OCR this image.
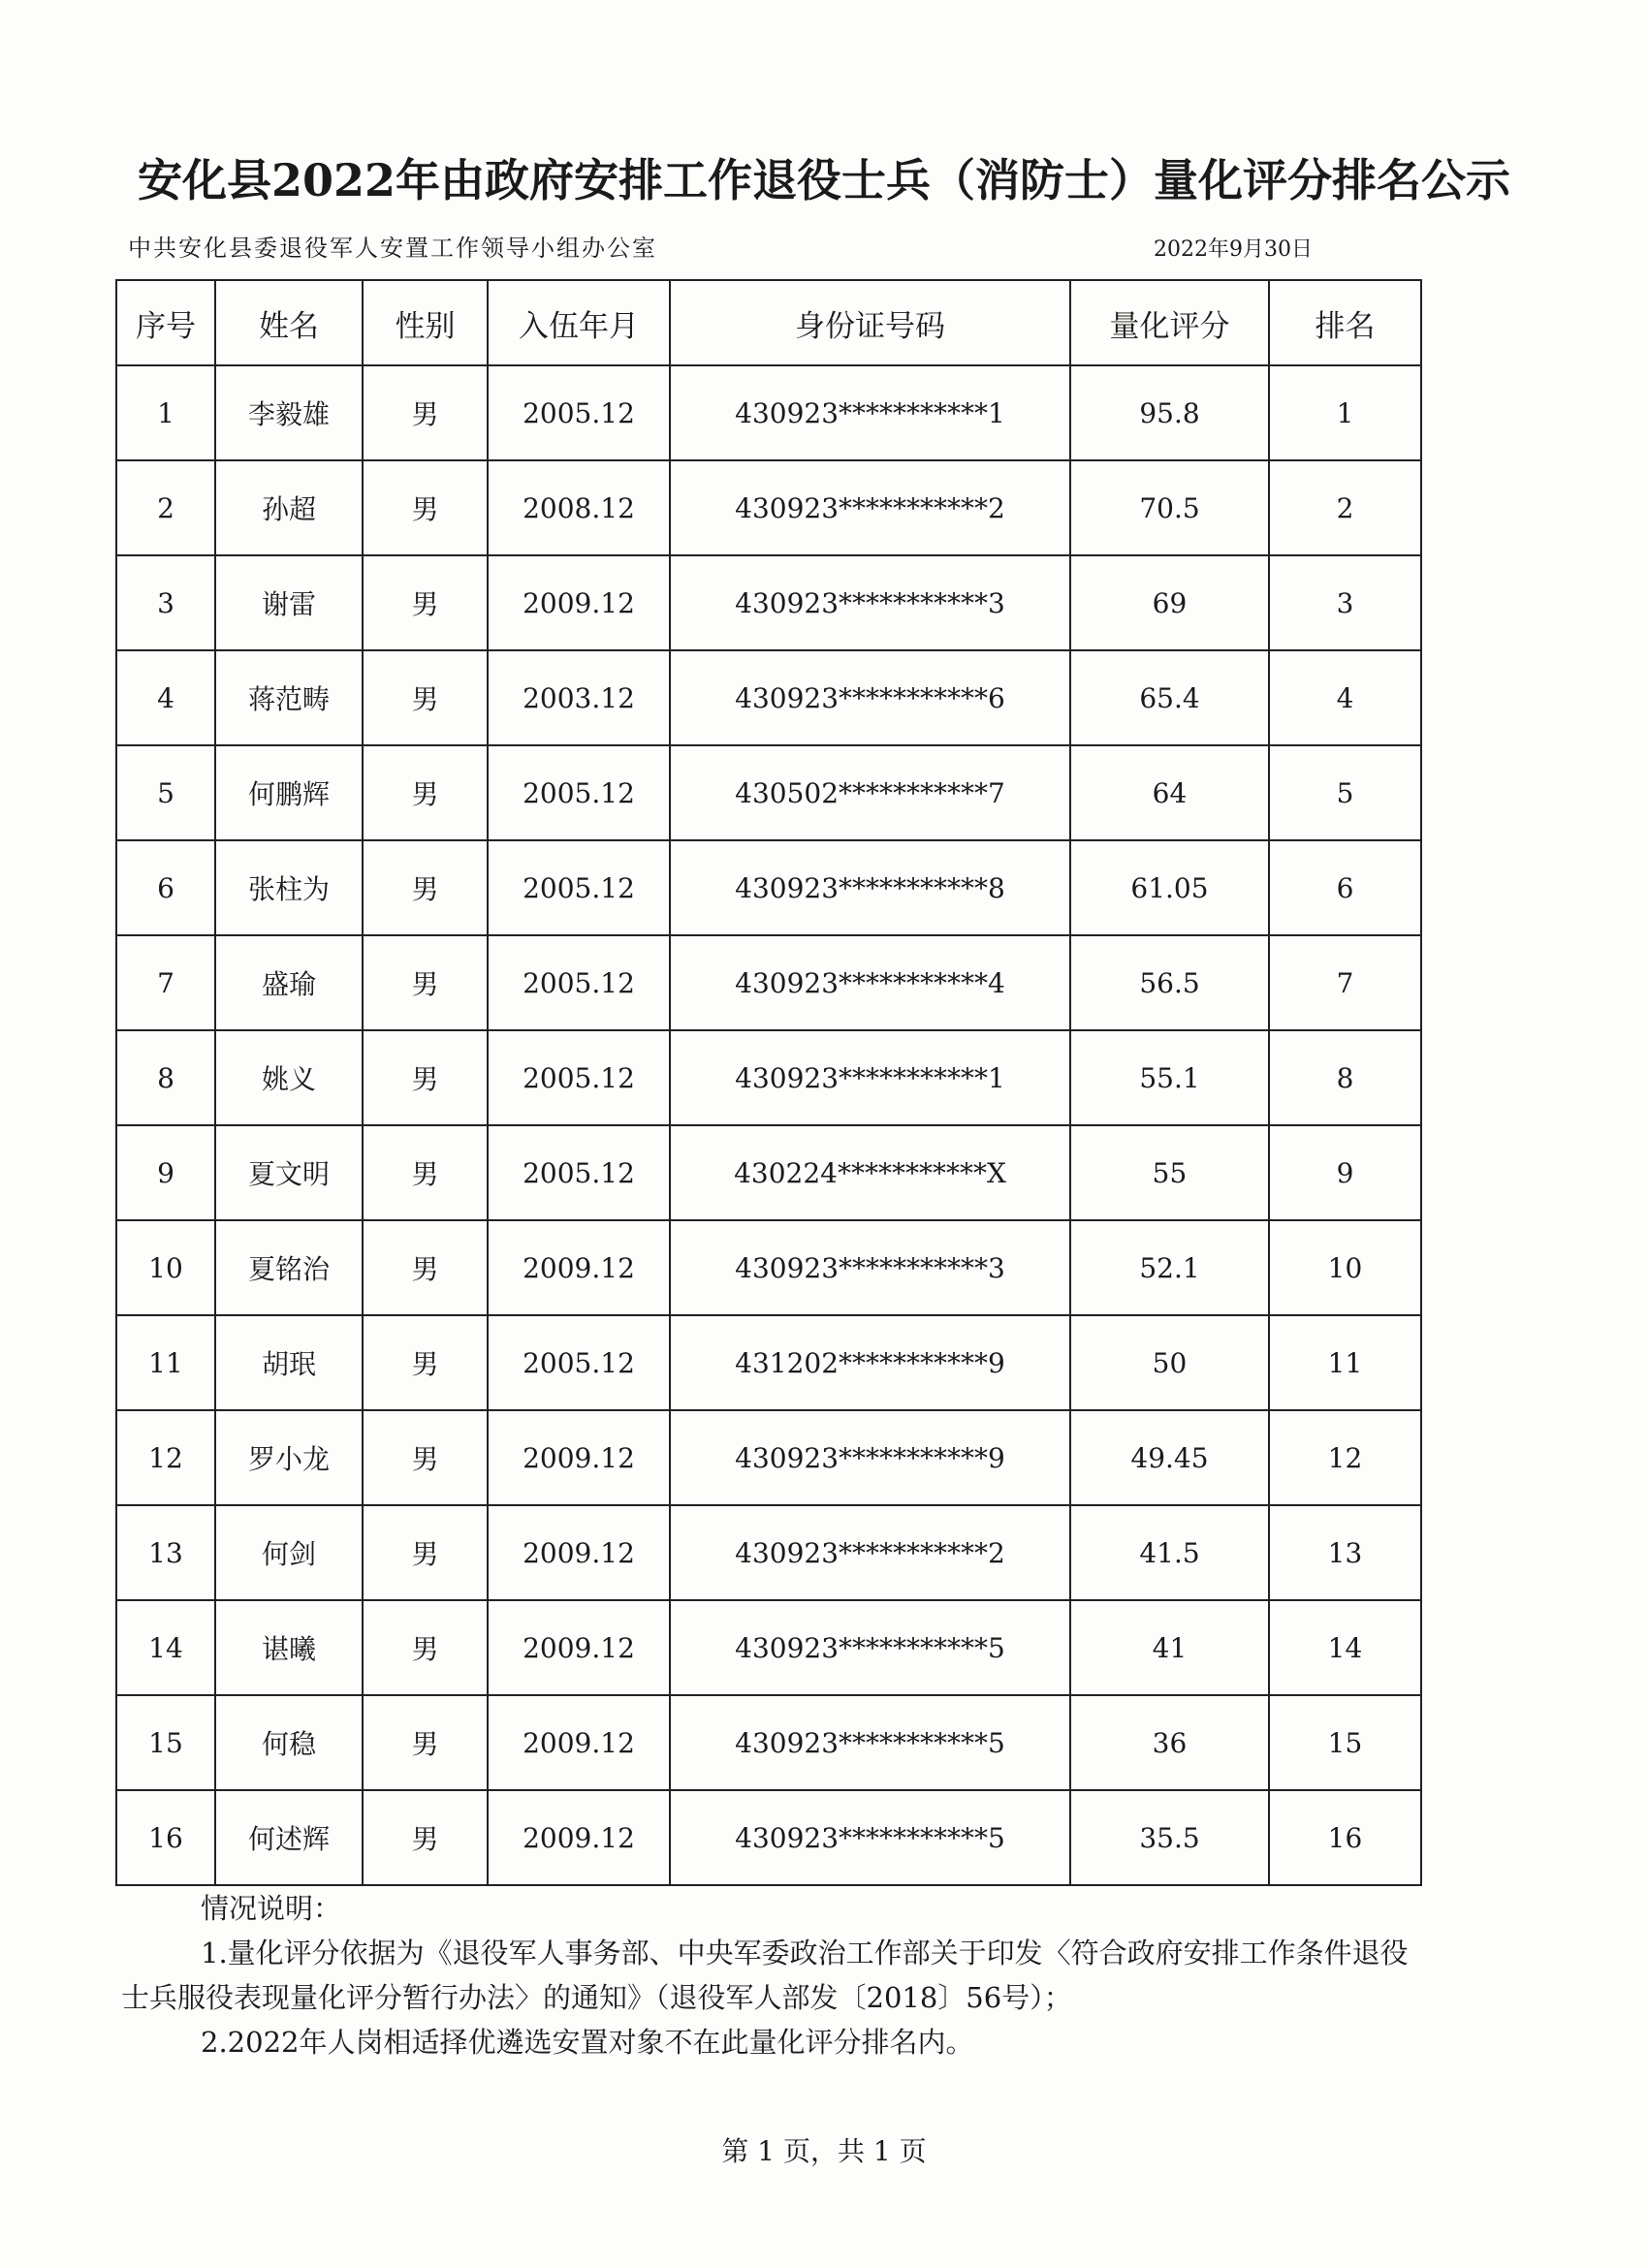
安化县2022年由政府安排工作退役士兵（消防士）量化评分排名公示
中共安化县委退役军人安置工作领导小组办公室	2022年9月30日
序号	姓名	性别	入伍年月	身份证号码	量化评分	排名
1	李毅雄	男	2005.12	430923***********1	95.8	1
2	孙超	男	2008.12	430923***********2	70.5	2
3	谢雷	男	2009.12	430923***********3	69	3
4	蒋范畴	男	2003.12	430923***********6	65.4	4
5	何鹏辉	男	2005.12	430502***********7	64	5
6	张柱为	男	2005.12	430923***********8	61.05	6
7	盛瑜	男	2005.12	430923***********4	56.5	7
8	姚义	男	2005.12	430923***********1	55.1	8
9	夏文明	男	2005.12	430224***********X	55	9
10	夏铭治	男	2009.12	430923***********3	52.1	10
11	胡珉	男	2005.12	431202***********9	50	11
12	罗小龙	男	2009.12	430923***********9	49.45	12
13	何剑	男	2009.12	430923***********2	41.5	13
14	谌曦	男	2009.12	430923***********5	41	14
15	何稳	男	2009.12	430923***********5	36	15
16	何述辉	男	2009.12	430923***********5	35.5	16

情况说明：

1.量化评分依据为《退役军人事务部、中央军委政治工作部关于印发〈符合政府安排工作条件退役士兵服役表现量化评分暂行办法〉的通知》（退役军人部发〔2018〕56号）；

2.2022年人岗相适择优遴选安置对象不在此量化评分排名内。

第 1 页，共 1 页
